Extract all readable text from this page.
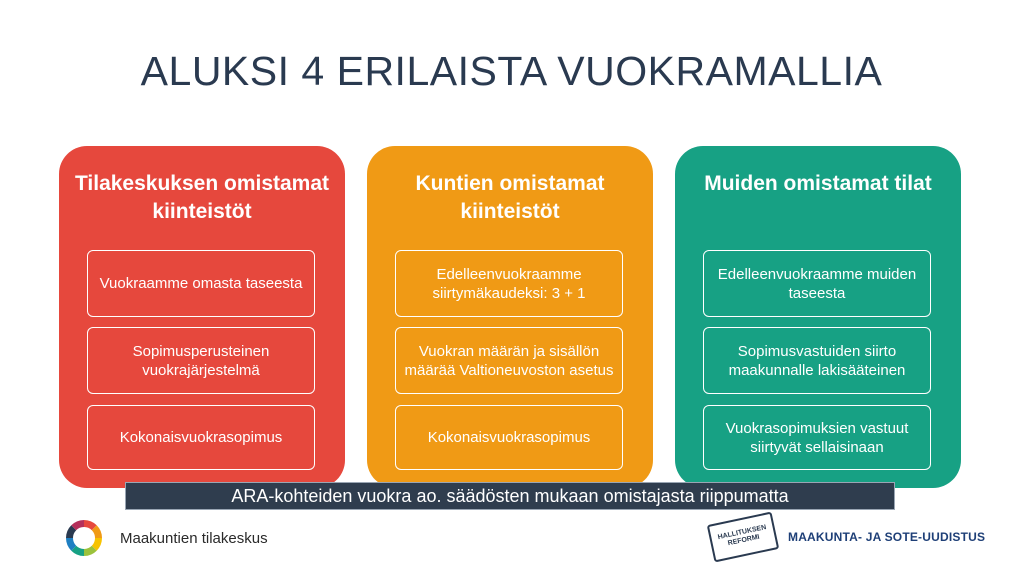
ALUKSI 4 ERILAISTA VUOKRAMALLIA
Tilakeskuksen omistamat kiinteistöt
Vuokraamme omasta taseesta
Sopimusperusteinen vuokrajärjestelmä
Kokonaisvuokrasopimus
Kuntien omistamat kiinteistöt
Edelleenvuokraamme siirtymäkaudeksi: 3 + 1
Vuokran määrän ja sisällön määrää Valtioneuvoston asetus
Kokonaisvuokrasopimus
Muiden omistamat tilat
Edelleenvuokraamme muiden taseesta
Sopimusvastuiden siirto maakunnalle lakisääteinen
Vuokrasopimuksien vastuut siirtyvät sellaisinaan
ARA-kohteiden vuokra ao. säädösten mukaan omistajasta riippumatta
Maakuntien tilakeskus	HALLITUKSEN REFORMI	MAAKUNTA- JA SOTE-UUDISTUS
